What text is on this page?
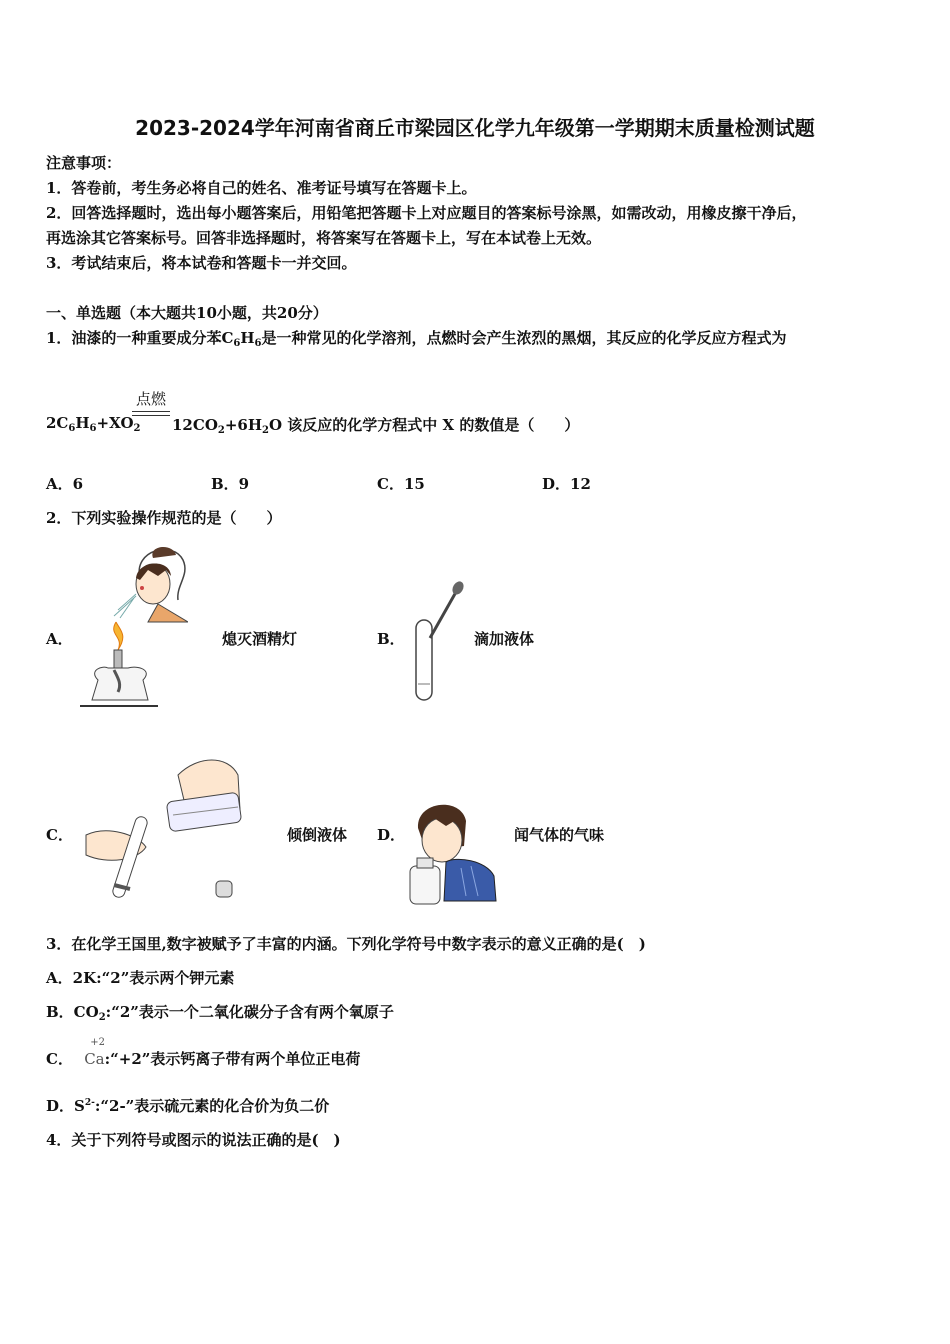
2023-2024学年河南省商丘市梁园区化学九年级第一学期期末质量检测试题
注意事项：
1．答卷前，考生务必将自己的姓名、准考证号填写在答题卡上。
2．回答选择题时，选出每小题答案后，用铅笔把答题卡上对应题目的答案标号涂黑，如需改动，用橡皮擦干净后，
再选涂其它答案标号。回答非选择题时，将答案写在答题卡上，写在本试卷上无效。
3．考试结束后，将本试卷和答题卡一并交回。
一、单选题（本大题共10小题，共20分）
1．油漆的一种重要成分苯$C_6H_6$是一种常见的化学溶剂，点燃时会产生浓烈的黑烟，其反应的化学反应方程式为
$2C_6H_6+XO_2$
点燃
$12CO_2+6H_2O$ 该反应的化学方程式中 X 的数值是（　　）
A．6	B．9	C．15	D．12
2．下列实验操作规范的是（　　）
A．	熄灭酒精灯	B．	滴加液体
C．	倾倒液体 D．	闻气体的气味
3．在化学王国里,数字被赋予了丰富的内涵。下列化学符号中数字表示的意义正确的是(　)
A．2K:“2”表示两个钾元素
B．$CO_2:“2$”表示一个二氧化碳分子含有两个氧原子
C．
+2
Ca:“+2”表示钙离子带有两个单位正电荷
D．$S^{2-}:“2-$”表示硫元素的化合价为负二价
4．关于下列符号或图示的说法正确的是(　)
